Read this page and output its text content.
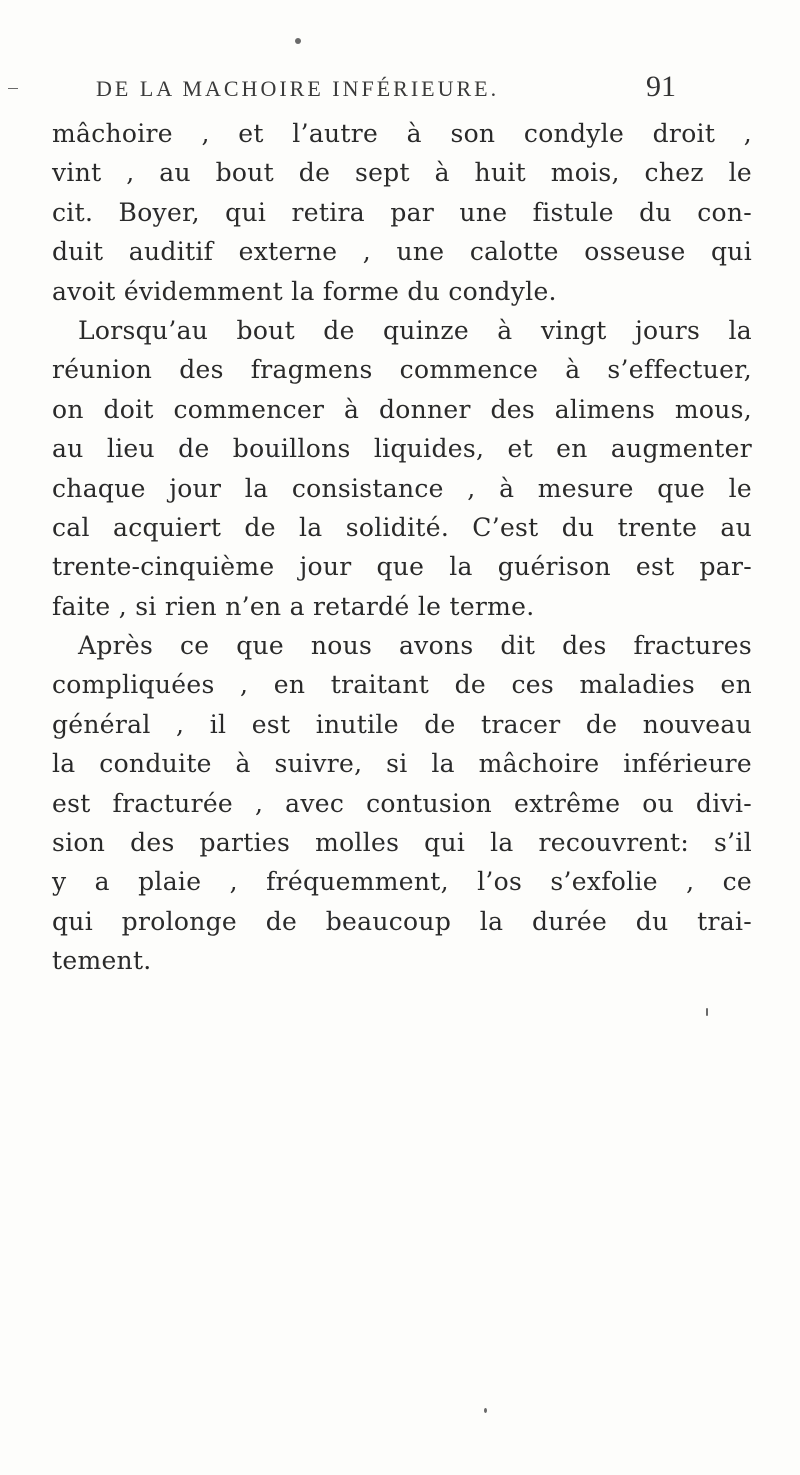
DE LA MACHOIRE INFÉRIEURE.	91
mâchoire , et l’autre à son condyle droit ,
vint , au bout de sept à huit mois, chez le
cit. Boyer, qui retira par une fistule du con-
duit auditif externe , une calotte osseuse qui
avoit évidemment la forme du condyle.
Lorsqu’au bout de quinze à vingt jours la
réunion des fragmens commence à s’effectuer,
on doit commencer à donner des alimens mous,
au lieu de bouillons liquides, et en augmenter
chaque jour la consistance , à mesure que le
cal acquiert de la solidité. C’est du trente au
trente-cinquième jour que la guérison est par-
faite , si rien n’en a retardé le terme.
Après ce que nous avons dit des fractures
compliquées , en traitant de ces maladies en
général , il est inutile de tracer de nouveau
la conduite à suivre, si la mâchoire inférieure
est fracturée , avec contusion extrême ou divi-
sion des parties molles qui la recouvrent: s’il
y a plaie , fréquemment, l’os s’exfolie , ce
qui prolonge de beaucoup la durée du trai-
tement.
